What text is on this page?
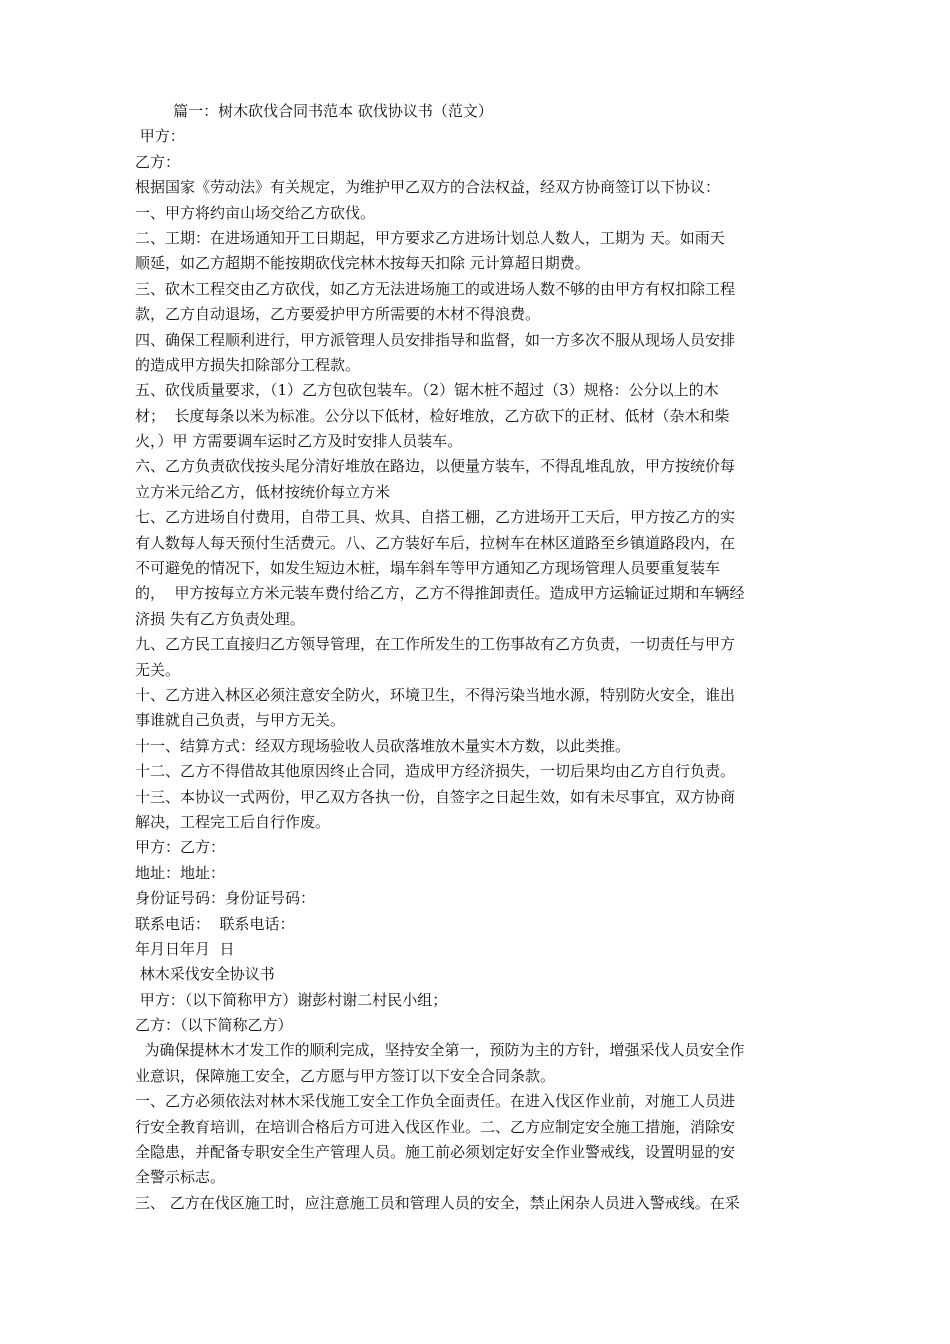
篇一：树木砍伐合同书范本 砍伐协议书（范文）
甲方：
乙方：
根据国家《劳动法》有关规定，为维护甲乙双方的合法权益，经双方协商签订以下协议：
一、甲方将约亩山场交给乙方砍伐。
二、工期：在进场通知开工日期起，甲方要求乙方进场计划总人数人，工期为 天。如雨天
顺延，如乙方超期不能按期砍伐完林木按每天扣除 元计算超日期费。
三、砍木工程交由乙方砍伐，如乙方无法进场施工的或进场人数不够的由甲方有权扣除工程
款，乙方自动退场，乙方要爱护甲方所需要的木材不得浪费。
四、确保工程顺利进行，甲方派管理人员安排指导和监督，如一方多次不服从现场人员安排
的造成甲方损失扣除部分工程款。
五、砍伐质量要求，（1）乙方包砍包装车。（2）锯木桩不超过（3）规格：公分以上的木
材；  长度每条以米为标准。公分以下低材，检好堆放，乙方砍下的正材、低材（杂木和柴
火，）甲 方需要调车运时乙方及时安排人员装车。
六、乙方负责砍伐按头尾分清好堆放在路边，以便量方装车，不得乱堆乱放，甲方按统价每
立方米元给乙方，低材按统价每立方米
七、乙方进场自付费用，自带工具、炊具、自搭工棚，乙方进场开工天后，甲方按乙方的实
有人数每人每天预付生活费元。八、乙方装好车后，拉树车在林区道路至乡镇道路段内，在
不可避免的情况下，如发生短边木桩，塌车斜车等甲方通知乙方现场管理人员要重复装车
的，  甲方按每立方米元装车费付给乙方，乙方不得推卸责任。造成甲方运输证过期和车辆经
济损 失有乙方负责处理。
九、乙方民工直接归乙方领导管理，在工作所发生的工伤事故有乙方负责，一切责任与甲方
无关。
十、乙方进入林区必须注意安全防火，环境卫生，不得污染当地水源，特别防火安全，谁出
事谁就自己负责，与甲方无关。
十一、结算方式：经双方现场验收人员砍落堆放木量实木方数，以此类推。
十二、乙方不得借故其他原因终止合同，造成甲方经济损失，一切后果均由乙方自行负责。
十三、本协议一式两份，甲乙双方各执一份，自签字之日起生效，如有未尽事宜，双方协商
解决，工程完工后自行作废。
甲方：乙方：
地址：地址：
身份证号码：身份证号码：
联系电话：  联系电话：
年月日年月  日
林木采伐安全协议书
甲方：（以下简称甲方）谢彭村谢二村民小组；
乙方：（以下简称乙方）
为确保提林木才发工作的顺利完成，坚持安全第一，预防为主的方针，增强采伐人员安全作
业意识，保障施工安全，乙方愿与甲方签订以下安全合同条款。
一、乙方必须依法对林木采伐施工安全工作负全面责任。在进入伐区作业前，对施工人员进
行安全教育培训，在培训合格后方可进入伐区作业。二、乙方应制定安全施工措施，消除安
全隐患，并配备专职安全生产管理人员。施工前必须划定好安全作业警戒线，设置明显的安
全警示标志。
三、 乙方在伐区施工时，应注意施工员和管理人员的安全，禁止闲杂人员进入警戒线。在采
